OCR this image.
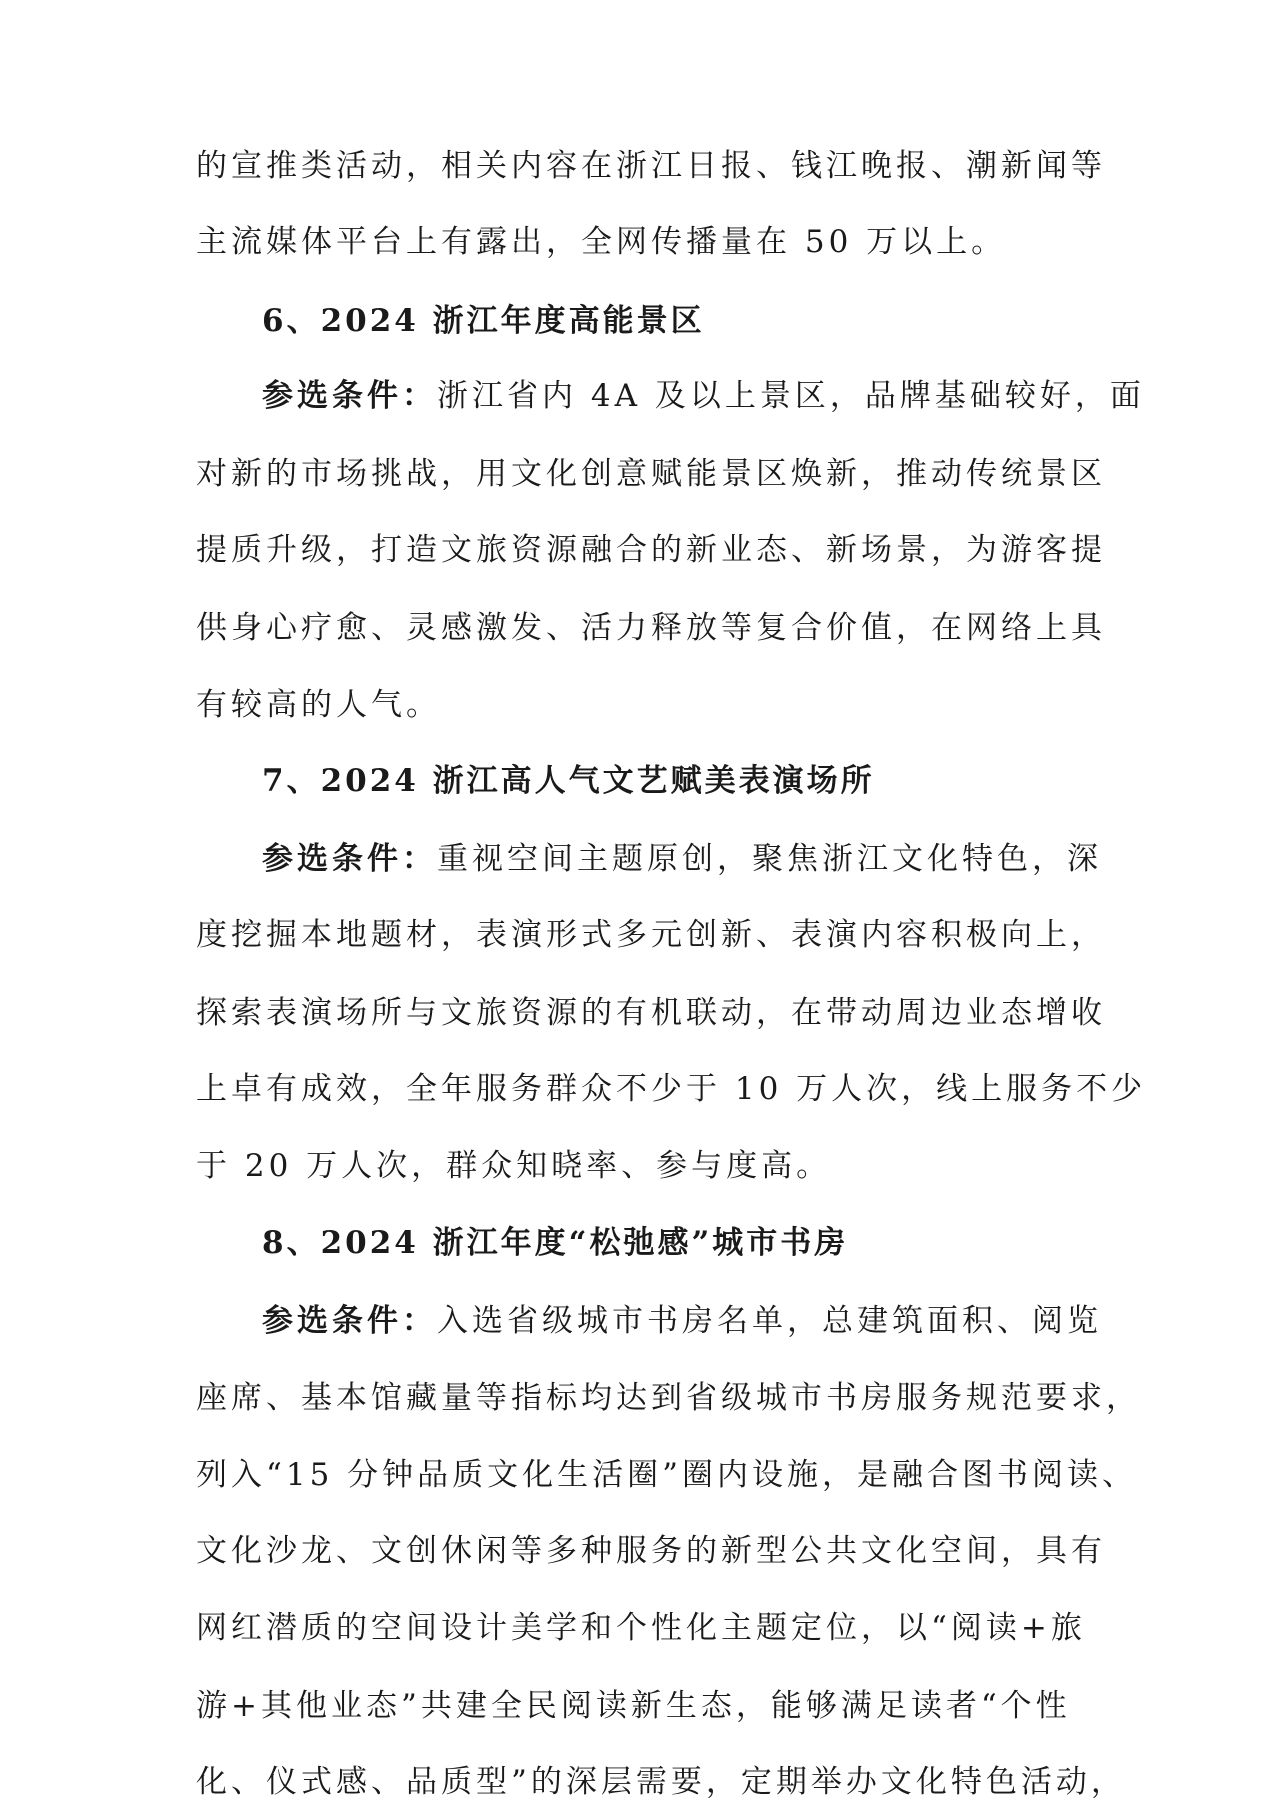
的宣推类活动，相关内容在浙江日报、钱江晚报、潮新闻等
主流媒体平台上有露出，全网传播量在 50 万以上。
6、2024 浙江年度高能景区
参选条件：浙江省内 4A 及以上景区，品牌基础较好，面
对新的市场挑战，用文化创意赋能景区焕新，推动传统景区
提质升级，打造文旅资源融合的新业态、新场景，为游客提
供身心疗愈、灵感激发、活力释放等复合价值，在网络上具
有较高的人气。
7、2024 浙江高人气文艺赋美表演场所
参选条件：重视空间主题原创，聚焦浙江文化特色，深
度挖掘本地题材，表演形式多元创新、表演内容积极向上，
探索表演场所与文旅资源的有机联动，在带动周边业态增收
上卓有成效，全年服务群众不少于 10 万人次，线上服务不少
于 20 万人次，群众知晓率、参与度高。
8、2024 浙江年度“松弛感”城市书房
参选条件：入选省级城市书房名单，总建筑面积、阅览
座席、基本馆藏量等指标均达到省级城市书房服务规范要求，
列入“15 分钟品质文化生活圈”圈内设施，是融合图书阅读、
文化沙龙、文创休闲等多种服务的新型公共文化空间，具有
网红潜质的空间设计美学和个性化主题定位，以“阅读+旅
游+其他业态”共建全民阅读新生态，能够满足读者“个性
化、仪式感、品质型”的深层需要，定期举办文化特色活动，
